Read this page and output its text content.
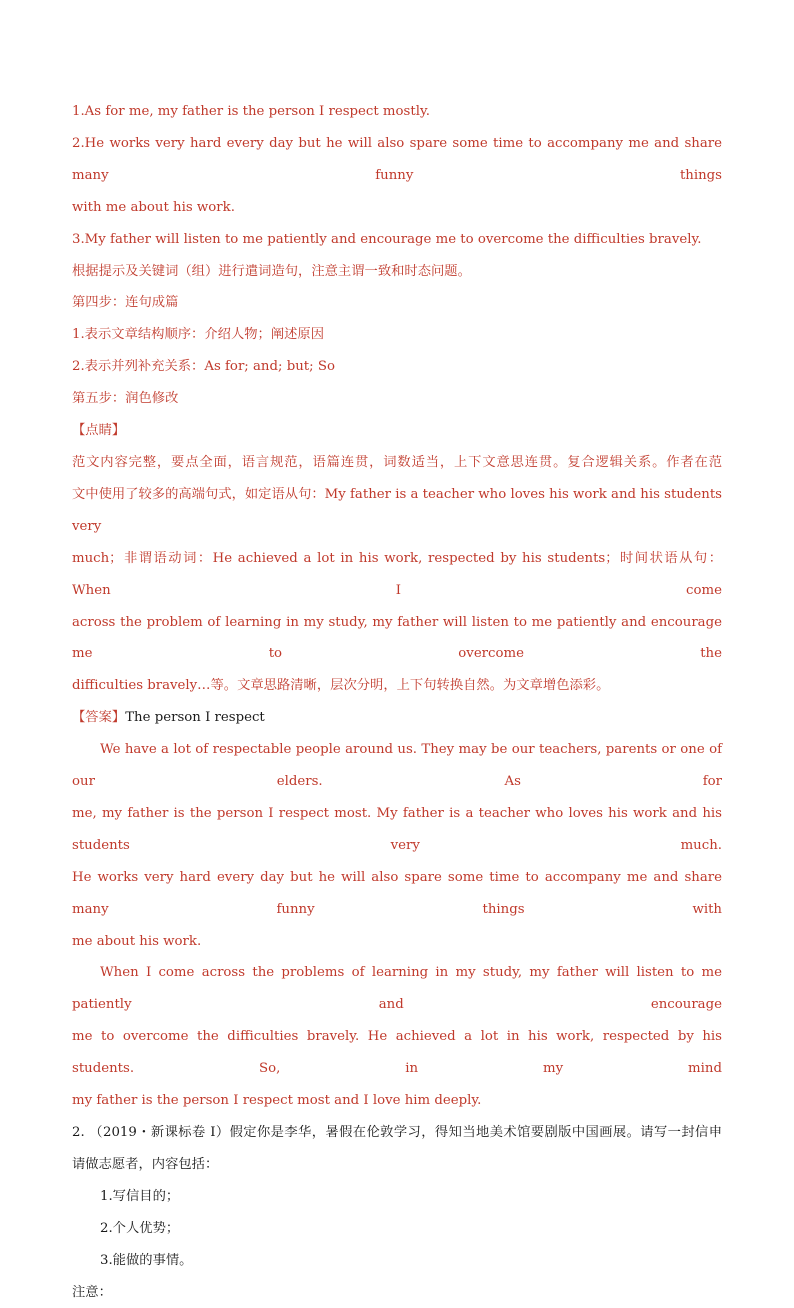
1.As for me, my father is the person I respect mostly.

2.He works very hard every day but he will also spare some time to accompany me and share many funny things

with me about his work.

3.My father will listen to me patiently and encourage me to overcome the difficulties bravely.

根据提示及关键词（组）进行遣词造句，注意主谓一致和时态问题。

第四步：连句成篇

1.表示文章结构顺序：介绍人物；阐述原因

2.表示并列补充关系：As for; and; but; So

第五步：润色修改

【点睛】

范文内容完整，要点全面，语言规范，语篇连贯，词数适当，上下文意思连贯。复合逻辑关系。作者在范

文中使用了较多的高端句式，如定语从句：My father is a teacher who loves his work and his students very

much；非谓语动词：He achieved a lot in his work, respected by his students；时间状语从句：When I come

across the problem of learning in my study, my father will listen to me patiently and encourage me to overcome the

difficulties bravely…等。文章思路清晰，层次分明，上下句转换自然。为文章增色添彩。

【答案】The person I respect

We have a lot of respectable people around us. They may be our teachers, parents or one of our elders. As for

me, my father is the person I respect most. My father is a teacher who loves his work and his students very much.

He works very hard every day but he will also spare some time to accompany me and share many funny things with

me about his work.

When I come across the problems of learning in my study, my father will listen to me patiently and encourage

me to overcome the difficulties bravely. He achieved a lot in his work, respected by his students. So, in my mind

my father is the person I respect most and I love him deeply.

2. （2019・新课标卷 I）假定你是李华，暑假在伦敦学习，得知当地美术馆要剧版中国画展。请写一封信申

请做志愿者，内容包括：

1.写信目的；

2.个人优势；

3.能做的事情。

注意：
